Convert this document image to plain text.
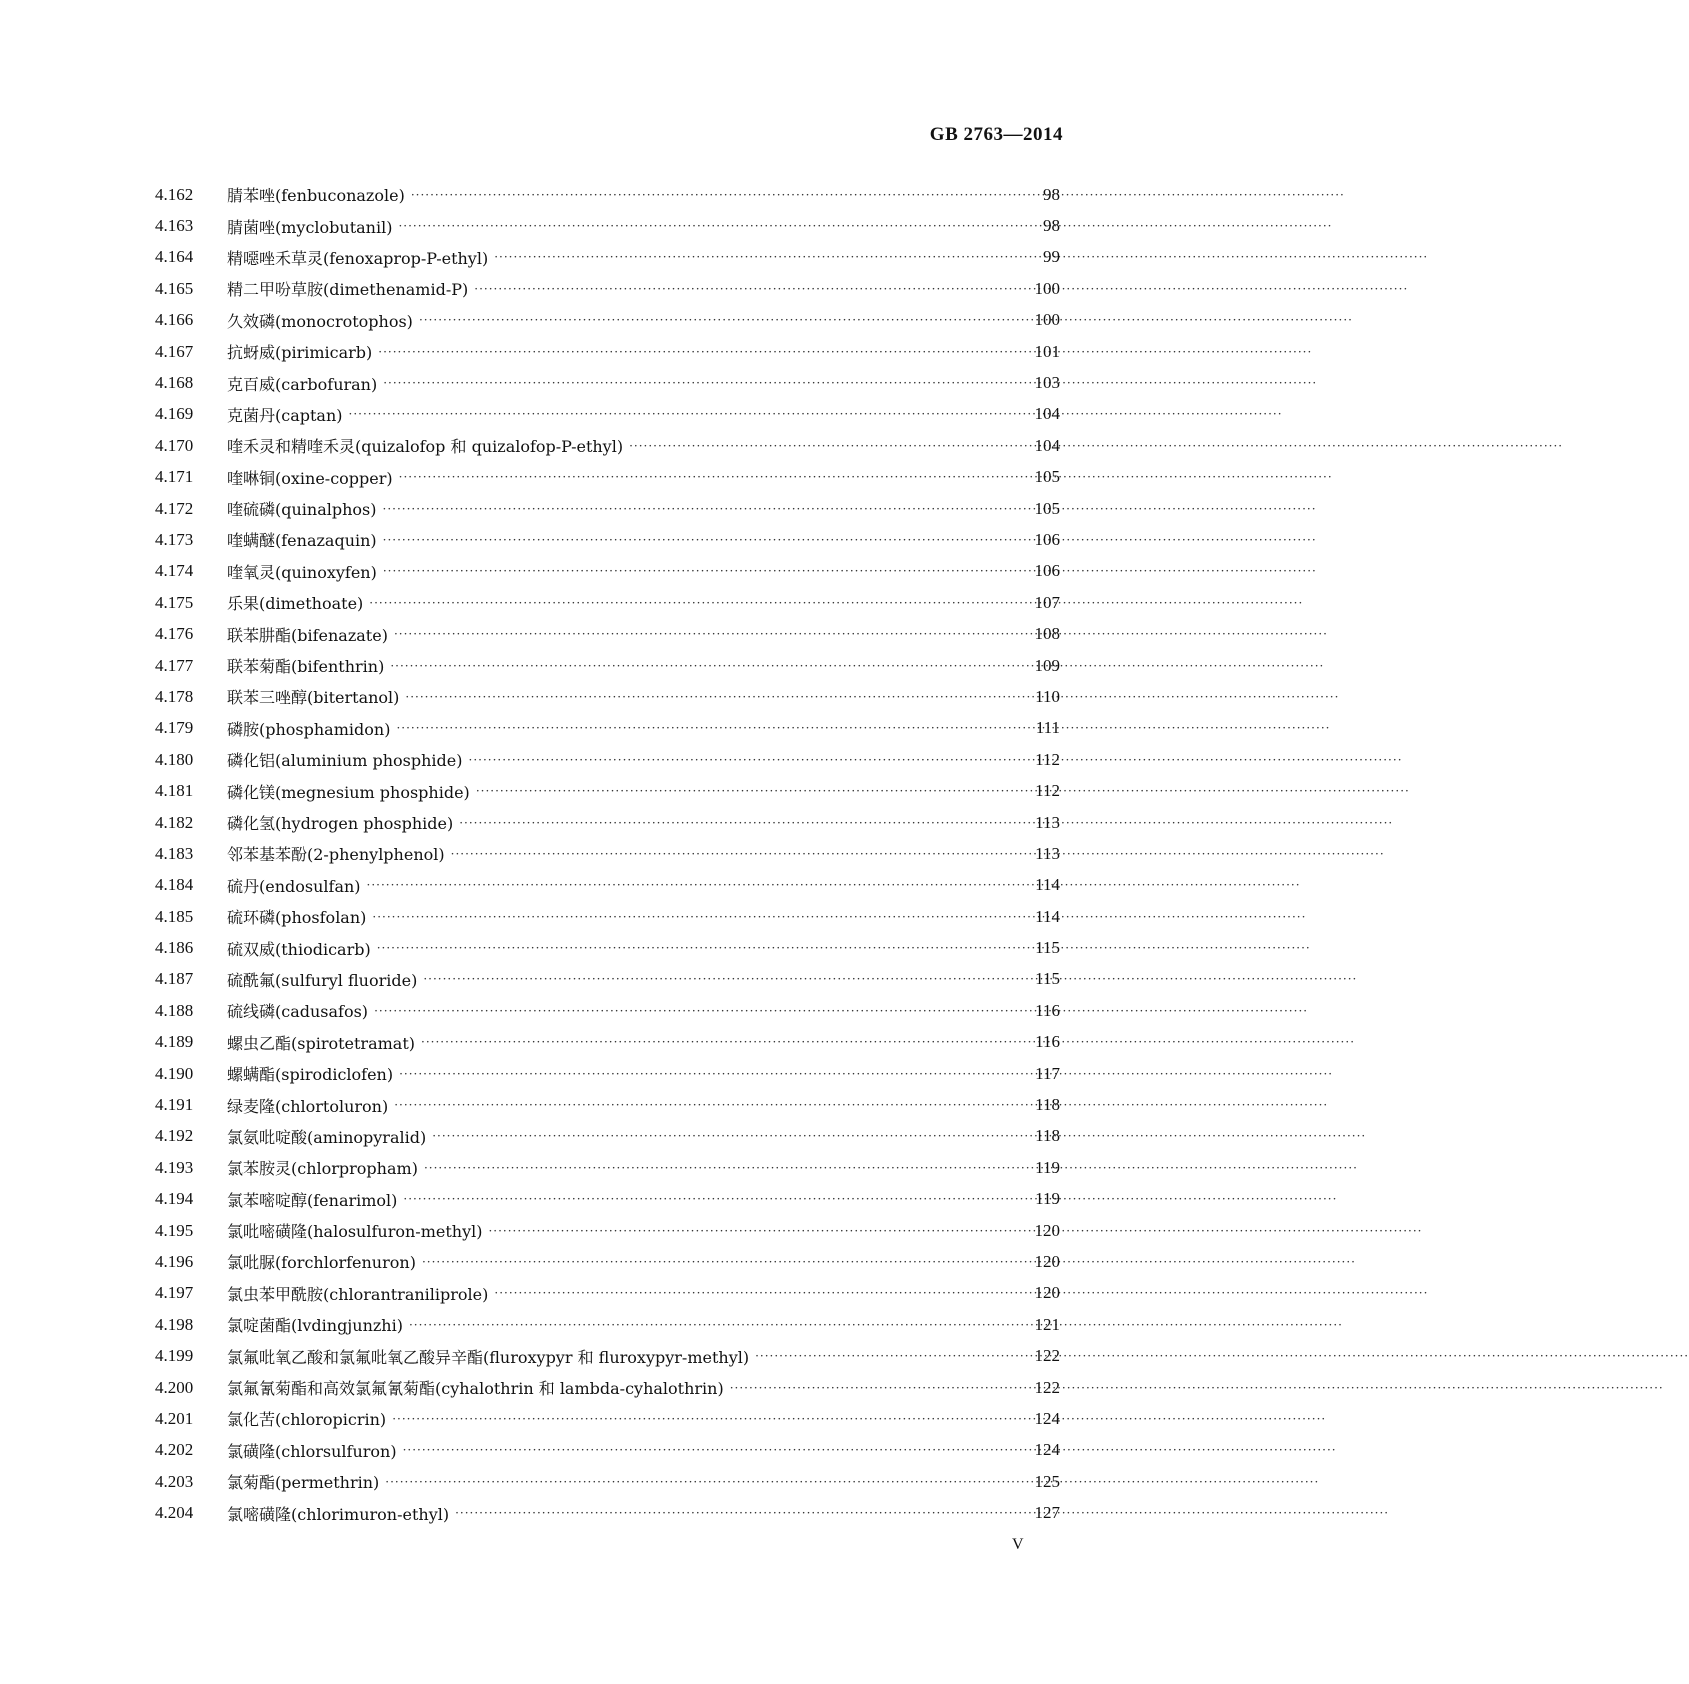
GB 2763—2014
4.162	腈苯唑(fenbuconazole) ·····	98
4.163	腈菌唑(myclobutanil) ·····	98
4.164	精噁唑禾草灵(fenoxaprop-P-ethyl) ·····	99
4.165	精二甲吩草胺(dimethenamid-P) ·····	100
4.166	久效磷(monocrotophos) ·····	100
4.167	抗蚜威(pirimicarb) ·····	101
4.168	克百威(carbofuran) ·····	103
4.169	克菌丹(captan) ·····	104
4.170	喹禾灵和精喹禾灵(quizalofop 和 quizalofop-P-ethyl) ·····	104
4.171	喹啉铜(oxine-copper) ·····	105
4.172	喹硫磷(quinalphos) ·····	105
4.173	喹螨醚(fenazaquin) ·····	106
4.174	喹氧灵(quinoxyfen) ·····	106
4.175	乐果(dimethoate) ·····	107
4.176	联苯肼酯(bifenazate) ·····	108
4.177	联苯菊酯(bifenthrin) ·····	109
4.178	联苯三唑醇(bitertanol) ·····	110
4.179	磷胺(phosphamidon) ·····	111
4.180	磷化铝(aluminium phosphide) ·····	112
4.181	磷化镁(megnesium phosphide) ·····	112
4.182	磷化氢(hydrogen phosphide) ·····	113
4.183	邻苯基苯酚(2-phenylphenol) ·····	113
4.184	硫丹(endosulfan) ·····	114
4.185	硫环磷(phosfolan) ·····	114
4.186	硫双威(thiodicarb) ·····	115
4.187	硫酰氟(sulfuryl fluoride) ·····	115
4.188	硫线磷(cadusafos) ·····	116
4.189	螺虫乙酯(spirotetramat) ·····	116
4.190	螺螨酯(spirodiclofen) ·····	117
4.191	绿麦隆(chlortoluron) ·····	118
4.192	氯氨吡啶酸(aminopyralid) ·····	118
4.193	氯苯胺灵(chlorpropham) ·····	119
4.194	氯苯嘧啶醇(fenarimol) ·····	119
4.195	氯吡嘧磺隆(halosulfuron-methyl) ·····	120
4.196	氯吡脲(forchlorfenuron) ·····	120
4.197	氯虫苯甲酰胺(chlorantraniliprole) ·····	120
4.198	氯啶菌酯(lvdingjunzhi) ·····	121
4.199	氯氟吡氧乙酸和氯氟吡氧乙酸异辛酯(fluroxypyr 和 fluroxypyr-methyl) ·····	122
4.200	氯氟氰菊酯和高效氯氟氰菊酯(cyhalothrin 和 lambda-cyhalothrin) ·····	122
4.201	氯化苦(chloropicrin) ·····	124
4.202	氯磺隆(chlorsulfuron) ·····	124
4.203	氯菊酯(permethrin) ·····	125
4.204	氯嘧磺隆(chlorimuron-ethyl) ·····	127
V
